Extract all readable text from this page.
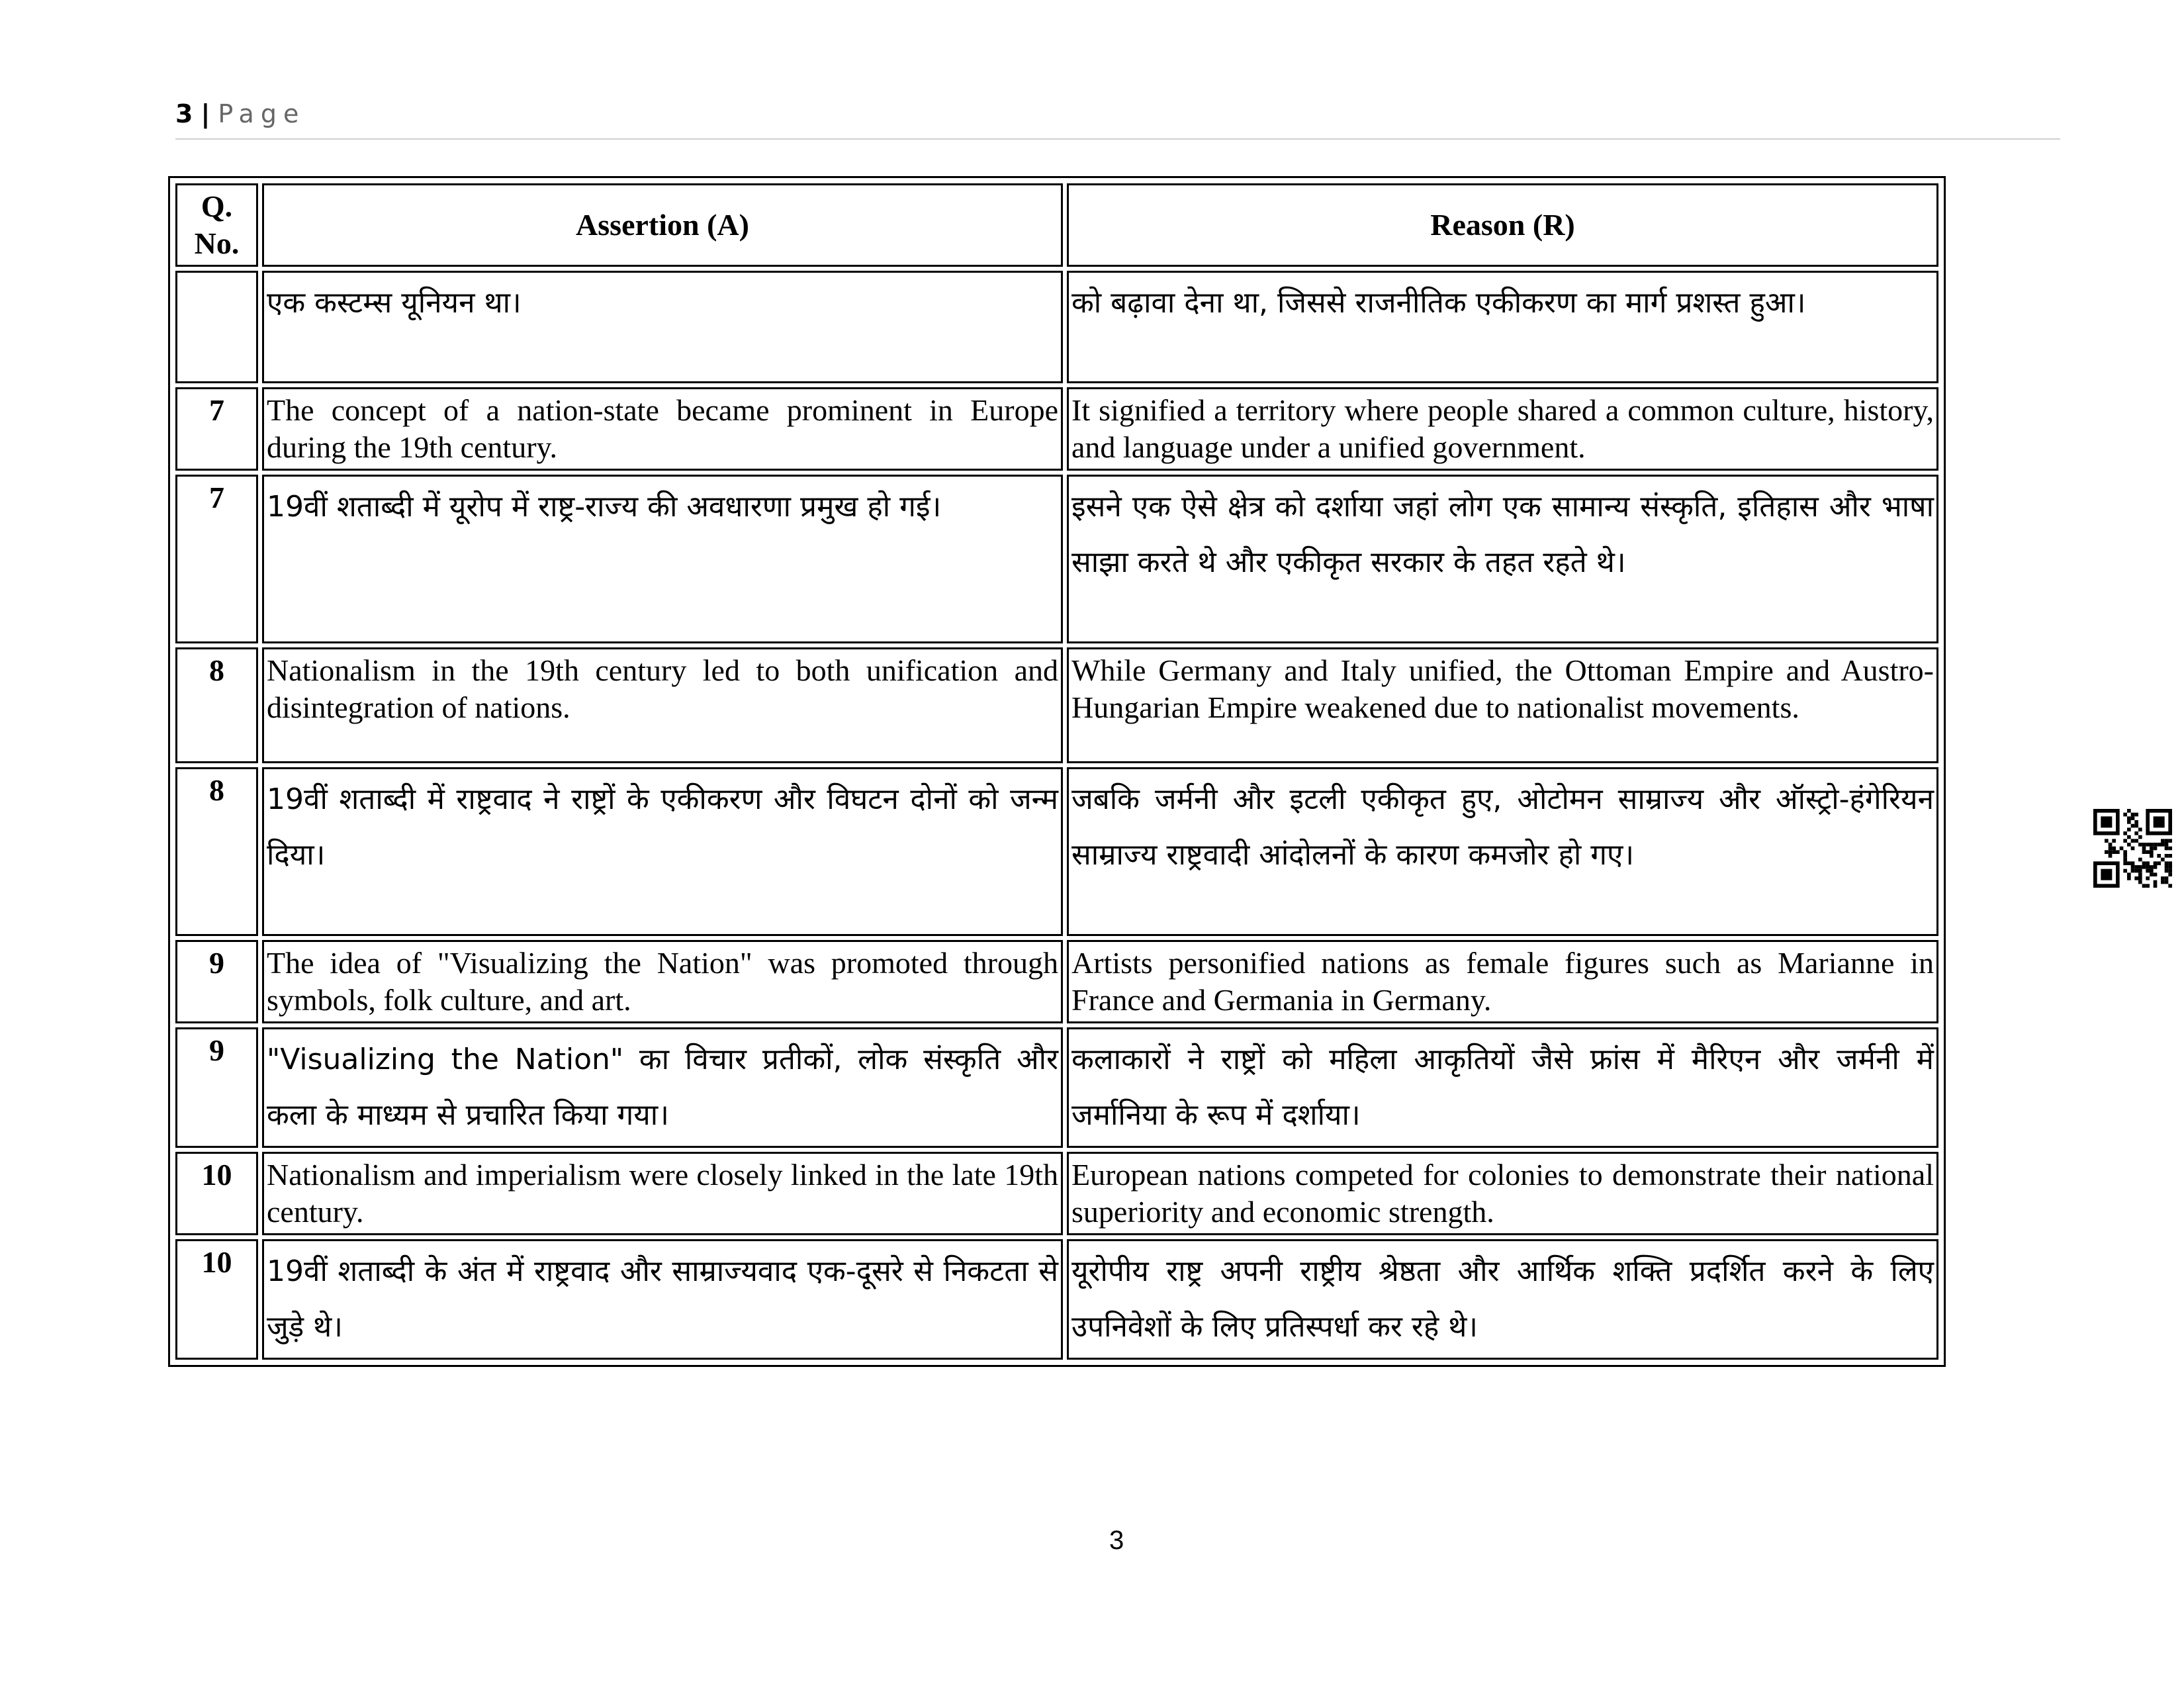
3 | Page
Q. No.	Assertion (A)	Reason (R)
	एक कस्टम्स यूनियन था।	को बढ़ावा देना था, जिससे राजनीतिक एकीकरण का मार्ग प्रशस्त हुआ।
7	The concept of a nation-state became prominent in Europe during the 19th century.	It signified a territory where people shared a common culture, history, and language under a unified government.
7	19वीं शताब्दी में यूरोप में राष्ट्र-राज्य की अवधारणा प्रमुख हो गई।	इसने एक ऐसे क्षेत्र को दर्शाया जहां लोग एक सामान्य संस्कृति, इतिहास और भाषा साझा करते थे और एकीकृत सरकार के तहत रहते थे।
8	Nationalism in the 19th century led to both unification and disintegration of nations.	While Germany and Italy unified, the Ottoman Empire and Austro-Hungarian Empire weakened due to nationalist movements.
8	19वीं शताब्दी में राष्ट्रवाद ने राष्ट्रों के एकीकरण और विघटन दोनों को जन्म दिया।	जबकि जर्मनी और इटली एकीकृत हुए, ओटोमन साम्राज्य और ऑस्ट्रो-हंगेरियन साम्राज्य राष्ट्रवादी आंदोलनों के कारण कमजोर हो गए।
9	The idea of "Visualizing the Nation" was promoted through symbols, folk culture, and art.	Artists personified nations as female figures such as Marianne in France and Germania in Germany.
9	"Visualizing the Nation" का विचार प्रतीकों, लोक संस्कृति और कला के माध्यम से प्रचारित किया गया।	कलाकारों ने राष्ट्रों को महिला आकृतियों जैसे फ्रांस में मैरिएन और जर्मनी में जर्मानिया के रूप में दर्शाया।
10	Nationalism and imperialism were closely linked in the late 19th century.	European nations competed for colonies to demonstrate their national superiority and economic strength.
10	19वीं शताब्दी के अंत में राष्ट्रवाद और साम्राज्यवाद एक-दूसरे से निकटता से जुड़े थे।	यूरोपीय राष्ट्र अपनी राष्ट्रीय श्रेष्ठता और आर्थिक शक्ति प्रदर्शित करने के लिए उपनिवेशों के लिए प्रतिस्पर्धा कर रहे थे।
3
